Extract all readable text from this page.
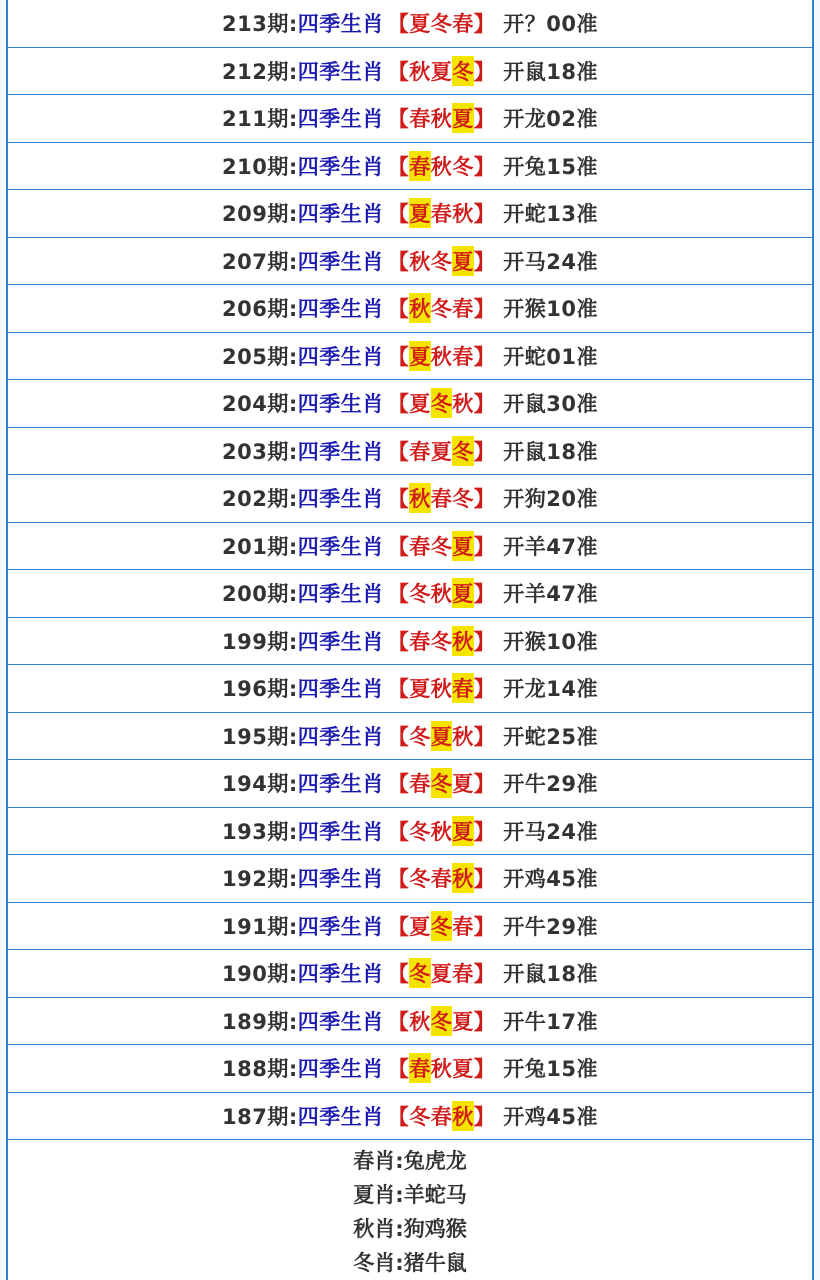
213期: 四季生肖 【 夏 冬 春 】 开？00准
212期: 四季生肖 【 秋 夏 冬 】 开鼠18准
211期: 四季生肖 【 春 秋 夏 】 开龙02准
210期: 四季生肖 【 春 秋 冬 】 开兔15准
209期: 四季生肖 【 夏 春 秋 】 开蛇13准
207期: 四季生肖 【 秋 冬 夏 】 开马24准
206期: 四季生肖 【 秋 冬 春 】 开猴10准
205期: 四季生肖 【 夏 秋 春 】 开蛇01准
204期: 四季生肖 【 夏 冬 秋 】 开鼠30准
203期: 四季生肖 【 春 夏 冬 】 开鼠18准
202期: 四季生肖 【 秋 春 冬 】 开狗20准
201期: 四季生肖 【 春 冬 夏 】 开羊47准
200期: 四季生肖 【 冬 秋 夏 】 开羊47准
199期: 四季生肖 【 春 冬 秋 】 开猴10准
196期: 四季生肖 【 夏 秋 春 】 开龙14准
195期: 四季生肖 【 冬 夏 秋 】 开蛇25准
194期: 四季生肖 【 春 冬 夏 】 开牛29准
193期: 四季生肖 【 冬 秋 夏 】 开马24准
192期: 四季生肖 【 冬 春 秋 】 开鸡45准
191期: 四季生肖 【 夏 冬 春 】 开牛29准
190期: 四季生肖 【 冬 夏 春 】 开鼠18准
189期: 四季生肖 【 秋 冬 夏 】 开牛17准
188期: 四季生肖 【 春 秋 夏 】 开兔15准
187期: 四季生肖 【 冬 春 秋 】 开鸡45准
春肖:兔虎龙
夏肖:羊蛇马
秋肖:狗鸡猴
冬肖:猪牛鼠
